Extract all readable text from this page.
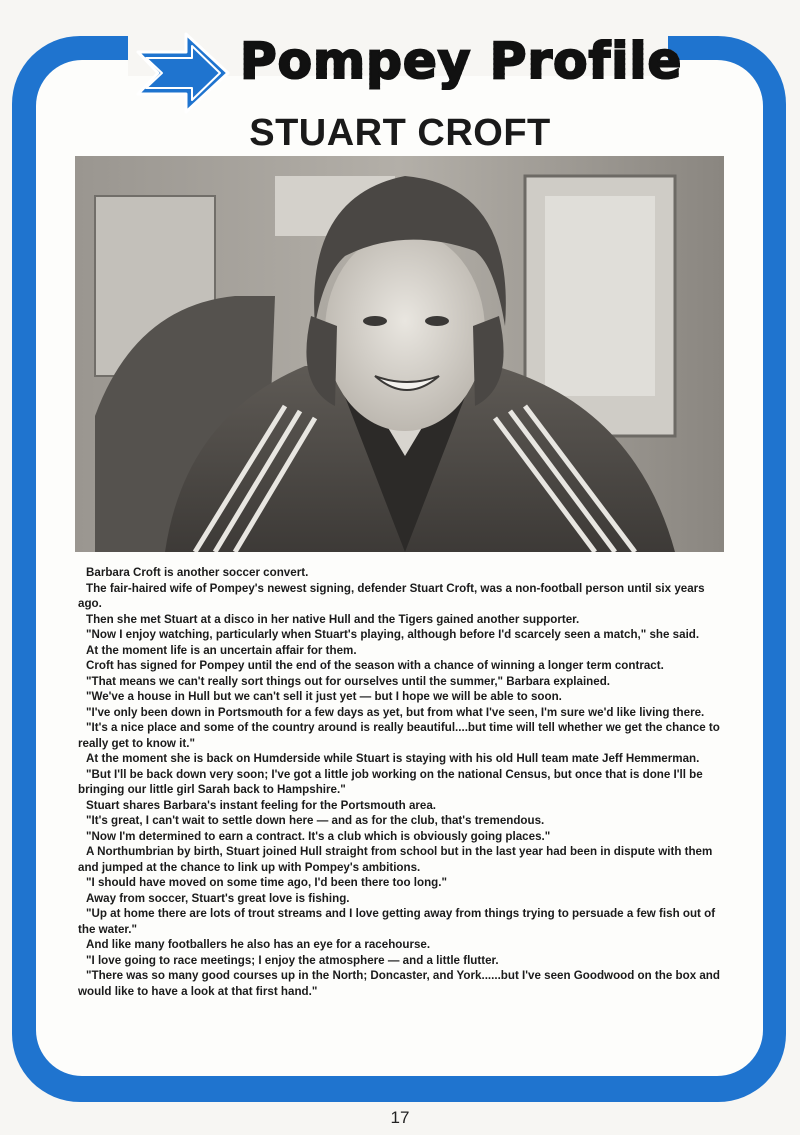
Pompey Profile
STUART CROFT

Barbara Croft is another soccer convert.

The fair-haired wife of Pompey's newest signing, defender Stuart Croft, was a non-football person until six years ago.

Then she met Stuart at a disco in her native Hull and the Tigers gained another supporter.

"Now I enjoy watching, particularly when Stuart's playing, although before I'd scarcely seen a match," she said.

At the moment life is an uncertain affair for them.

Croft has signed for Pompey until the end of the season with a chance of winning a longer term contract.

"That means we can't really sort things out for ourselves until the summer," Barbara explained.

"We've a house in Hull but we can't sell it just yet — but I hope we will be able to soon.

"I've only been down in Portsmouth for a few days as yet, but from what I've seen, I'm sure we'd like living there.

"It's a nice place and some of the country around is really beautiful....but time will tell whether we get the chance to really get to know it."

At the moment she is back on Humderside while Stuart is staying with his old Hull team mate Jeff Hemmerman.

"But I'll be back down very soon; I've got a little job working on the national Census, but once that is done I'll be bringing our little girl Sarah back to Hampshire."

Stuart shares Barbara's instant feeling for the Portsmouth area.

"It's great, I can't wait to settle down here — and as for the club, that's tremendous.

"Now I'm determined to earn a contract. It's a club which is obviously going places."

A Northumbrian by birth, Stuart joined Hull straight from school but in the last year had been in dispute with them and jumped at the chance to link up with Pompey's ambitions.

"I should have moved on some time ago, I'd been there too long."

Away from soccer, Stuart's great love is fishing.

"Up at home there are lots of trout streams and I love getting away from things trying to persuade a few fish out of the water."

And like many footballers he also has an eye for a racehourse.

"I love going to race meetings; I enjoy the atmosphere — and a little flutter.

"There was so many good courses up in the North; Doncaster, and York......but I've seen Goodwood on the box and would like to have a look at that first hand."

17
